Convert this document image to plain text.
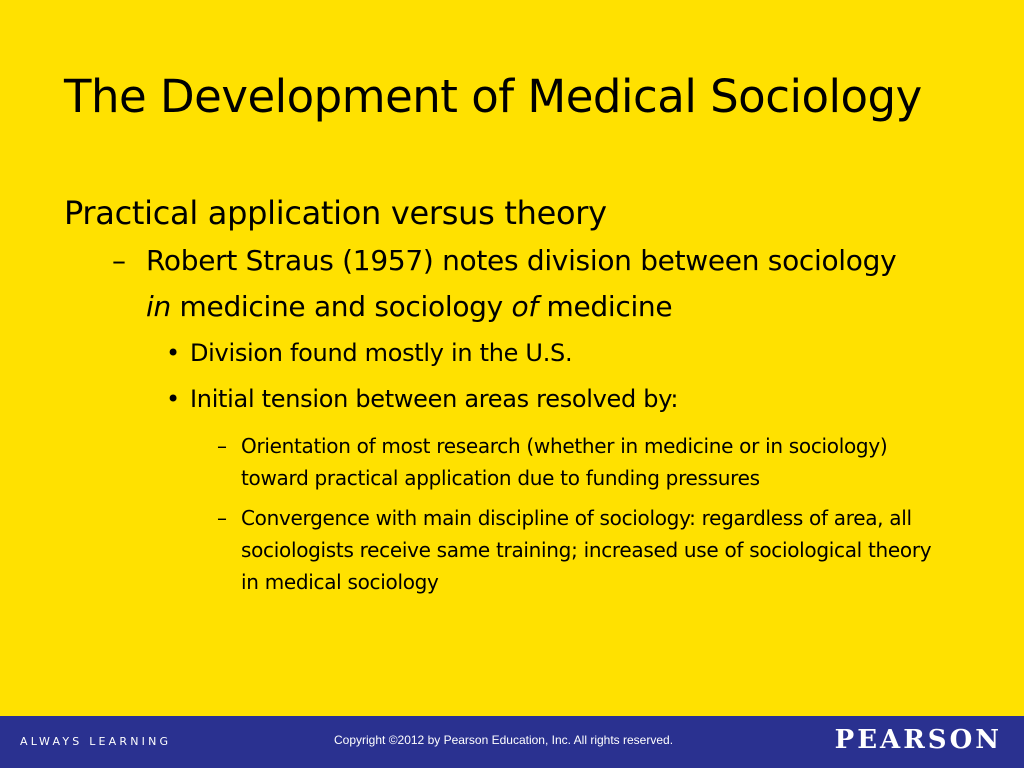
The Development of Medical Sociology
Practical application versus theory
– Robert Straus (1957) notes division between sociology in medicine and sociology of medicine
• Division found mostly in the U.S.
• Initial tension between areas resolved by:
– Orientation of most research (whether in medicine or in sociology) toward practical application due to funding pressures
– Convergence with main discipline of sociology: regardless of area, all sociologists receive same training; increased use of sociological theory in medical sociology
ALWAYS LEARNING	Copyright ©2012 by Pearson Education, Inc. All rights reserved.	PEARSON
